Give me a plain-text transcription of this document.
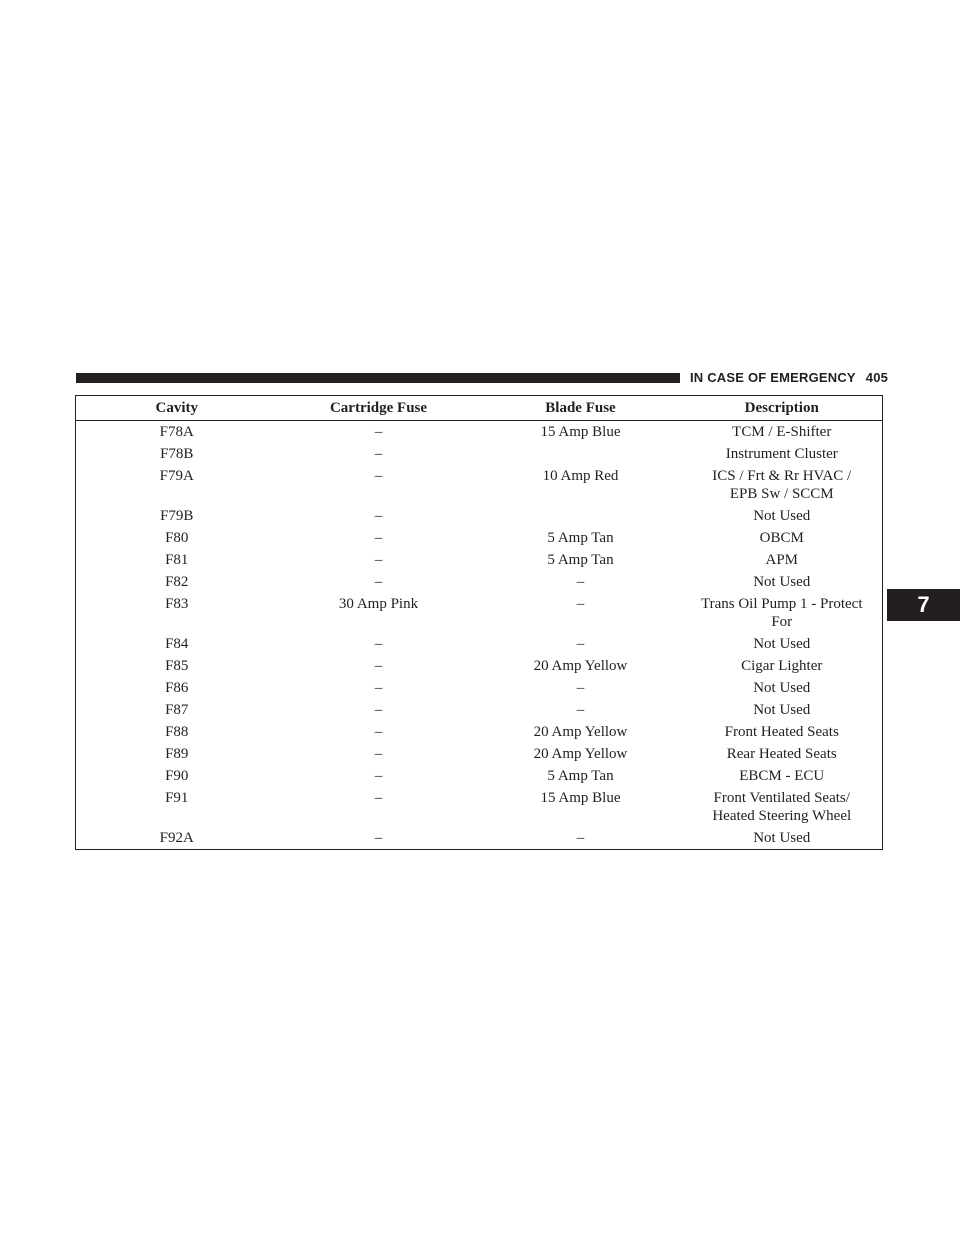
IN CASE OF EMERGENCY 405
7
Cavity	Cartridge Fuse	Blade Fuse	Description
F78A	–	15 Amp Blue	TCM / E-Shifter
F78B	–		Instrument Cluster
F79A	–	10 Amp Red	ICS / Frt & Rr HVAC /
EPB Sw / SCCM
F79B	–		Not Used
F80	–	5 Amp Tan	OBCM
F81	–	5 Amp Tan	APM
F82	–	–	Not Used
F83	30 Amp Pink	–	Trans Oil Pump 1 - Protect
For
F84	–	–	Not Used
F85	–	20 Amp Yellow	Cigar Lighter
F86	–	–	Not Used
F87	–	–	Not Used
F88	–	20 Amp Yellow	Front Heated Seats
F89	–	20 Amp Yellow	Rear Heated Seats
F90	–	5 Amp Tan	EBCM - ECU
F91	–	15 Amp Blue	Front Ventilated Seats/
Heated Steering Wheel
F92A	–	–	Not Used
